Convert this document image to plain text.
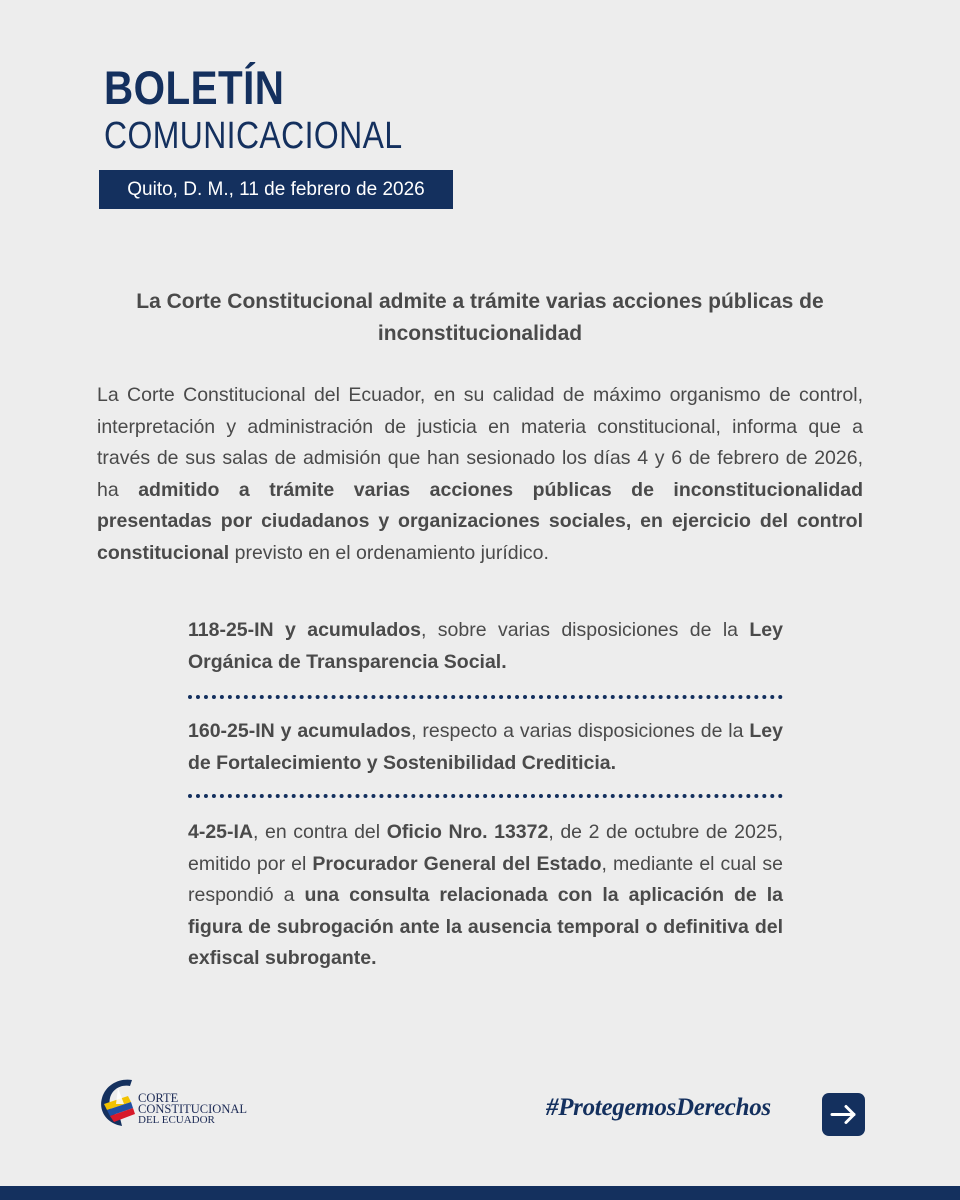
BOLETÍN
COMUNICACIONAL
Quito, D. M., 11 de febrero de 2026
La Corte Constitucional admite a trámite varias acciones públicas de inconstitucionalidad
La Corte Constitucional del Ecuador, en su calidad de máximo organismo de control, interpretación y administración de justicia en materia constitucional, informa que a través de sus salas de admisión que han sesionado los días 4 y 6 de febrero de 2026, ha admitido a trámite varias acciones públicas de inconstitucionalidad presentadas por ciudadanos y organizaciones sociales, en ejercicio del control constitucional previsto en el ordenamiento jurídico.
118-25-IN y acumulados, sobre varias disposiciones de la Ley Orgánica de Transparencia Social.
160-25-IN y acumulados, respecto a varias disposiciones de la Ley de Fortalecimiento y Sostenibilidad Crediticia.
4-25-IA, en contra del Oficio Nro. 13372, de 2 de octubre de 2025, emitido por el Procurador General del Estado, mediante el cual se respondió a una consulta relacionada con la aplicación de la figura de subrogación ante la ausencia temporal o definitiva del exfiscal subrogante.
CORTE
CONSTITUCIONAL
DEL ECUADOR	#ProtegemosDerechos
